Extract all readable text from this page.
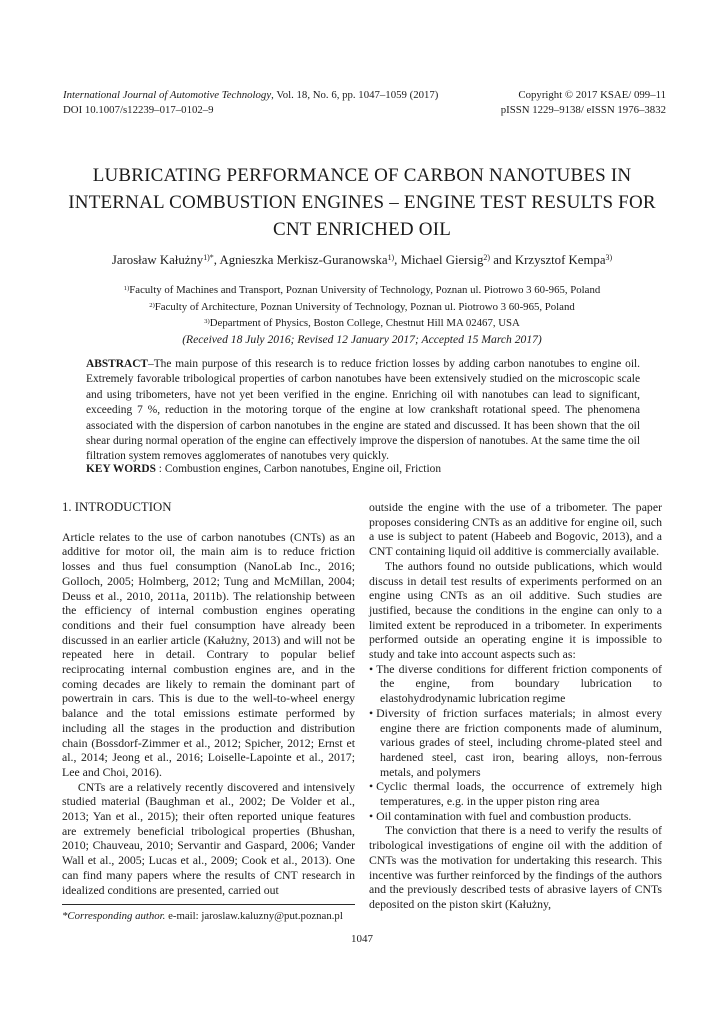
International Journal of Automotive Technology, Vol. 18, No. 6, pp. 1047–1059 (2017)
DOI 10.1007/s12239–017–0102–9
Copyright © 2017 KSAE/ 099–11
pISSN 1229–9138/ eISSN 1976–3832
LUBRICATING PERFORMANCE OF CARBON NANOTUBES IN
INTERNAL COMBUSTION ENGINES – ENGINE TEST RESULTS FOR
CNT ENRICHED OIL
Jarosław Kałużny$^{1)*}$, Agnieszka Merkisz-Guranowska$^{1)}$, Michael Giersig$^{2)}$ and Krzysztof Kempa$^{3)}$
$^{1)}$Faculty of Machines and Transport, Poznan University of Technology, Poznan ul. Piotrowo 3 60-965, Poland
$^{2)}$Faculty of Architecture, Poznan University of Technology, Poznan ul. Piotrowo 3 60-965, Poland
$^{3)}$Department of Physics, Boston College, Chestnut Hill MA 02467, USA
(Received 18 July 2016; Revised 12 January 2017; Accepted 15 March 2017)

ABSTRACT–The main purpose of this research is to reduce friction losses by adding carbon nanotubes to engine oil. Extremely favorable tribological properties of carbon nanotubes have been extensively studied on the microscopic scale and using tribometers, have not yet been verified in the engine. Enriching oil with nanotubes can lead to significant, exceeding 7 %, reduction in the motoring torque of the engine at low crankshaft rotational speed. The phenomena associated with the dispersion of carbon nanotubes in the engine are stated and discussed. It has been shown that the oil shear during normal operation of the engine can effectively improve the dispersion of nanotubes. At the same time the oil filtration system removes agglomerates of nanotubes very quickly.

KEY WORDS : Combustion engines, Carbon nanotubes, Engine oil, Friction
1. INTRODUCTION

Article relates to the use of carbon nanotubes (CNTs) as an additive for motor oil, the main aim is to reduce friction losses and thus fuel consumption (NanoLab Inc., 2016; Golloch, 2005; Holmberg, 2012; Tung and McMillan, 2004; Deuss et al., 2010, 2011a, 2011b). The relationship between the efficiency of internal combustion engines operating conditions and their fuel consumption have already been discussed in an earlier article (Kałużny, 2013) and will not be repeated here in detail. Contrary to popular belief reciprocating internal combustion engines are, and in the coming decades are likely to remain the dominant part of powertrain in cars. This is due to the well-to-wheel energy balance and the total emissions estimate performed by including all the stages in the production and distribution chain (Bossdorf-Zimmer et al., 2012; Spicher, 2012; Ernst et al., 2014; Jeong et al., 2016; Loiselle-Lapointe et al., 2017; Lee and Choi, 2016).

CNTs are a relatively recently discovered and intensively studied material (Baughman et al., 2002; De Volder et al., 2013; Yan et al., 2015); their often reported unique features are extremely beneficial tribological properties (Bhushan, 2010; Chauveau, 2010; Servantir and Gaspard, 2006; Vander Wall et al., 2005; Lucas et al., 2009; Cook et al., 2013). One can find many papers where the results of CNT research in idealized conditions are presented, carried out

*Corresponding author. e-mail: jaroslaw.kaluzny@put.poznan.pl

outside the engine with the use of a tribometer. The paper proposes considering CNTs as an additive for engine oil, such a use is subject to patent (Habeeb and Bogovic, 2013), and a CNT containing liquid oil additive is commercially available.

The authors found no outside publications, which would discuss in detail test results of experiments performed on an engine using CNTs as an oil additive. Such studies are justified, because the conditions in the engine can only to a limited extent be reproduced in a tribometer. In experiments performed outside an operating engine it is impossible to study and take into account aspects such as:

• The diverse conditions for different friction components of the engine, from boundary lubrication to elastohydrodynamic lubrication regime
• Diversity of friction surfaces materials; in almost every engine there are friction components made of aluminum, various grades of steel, including chrome-plated steel and hardened steel, cast iron, bearing alloys, non-ferrous metals, and polymers
• Cyclic thermal loads, the occurrence of extremely high temperatures, e.g. in the upper piston ring area
• Oil contamination with fuel and combustion products.

The conviction that there is a need to verify the results of tribological investigations of engine oil with the addition of CNTs was the motivation for undertaking this research. This incentive was further reinforced by the findings of the authors and the previously described tests of abrasive layers of CNTs deposited on the piston skirt (Kałużny,

1047
